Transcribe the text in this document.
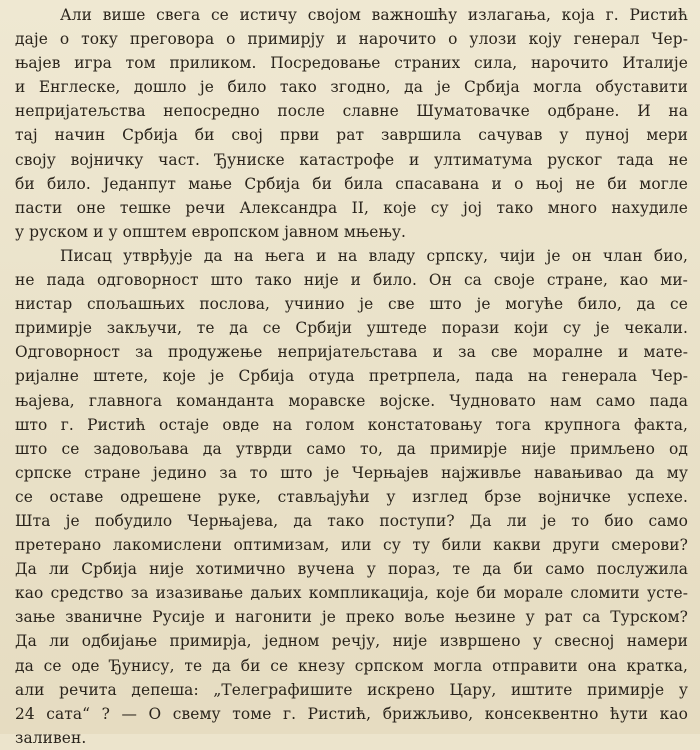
Али више свега се истичу својом важношћу излагања, која г. Ристић
даје о току преговора о примирју и нарочито о улози коју генерал Чер-
њајев игра том приликом. Посредовање страних сила, нарочито Италије
и Енглеске, дошло је било тако згодно, да је Србија могла обуставити
непријатељства непосредно после славне Шуматовачке одбране. И на
тај начин Србија би свој први рат завршила сачував у пуној мери
своју војничку част. Ђуниске катастрофе и ултиматума руског тада не
би било. Једанпут мање Србија би била спасавана и о њој не би могле
пасти оне тешке речи Александра II, које су јој тако много нахудиле
у руском и у општем европском јавном мњењу.
Писац утврђује да на њега и на владу српску, чији је он члан био,
не пада одговорност што тако није и било. Он са своје стране, као ми-
нистар спољашњих послова, учинио је све што је могуће било, да се
примирје закључи, те да се Србији уштеде порази који су је чекали.
Одговорност за продужење непријатељстава и за све моралне и мате-
ријалне штете, које је Србија отуда претрпела, пада на генерала Чер-
њајева, главнога команданта моравске војске. Чудновато нам само пада
што г. Ристић остаје овде на голом констатовању тога крупнога факта,
што се задовољава да утврди само то, да примирје није примљено од
српске стране једино за то што је Черњајев најживље навањивао да му
се оставе одрешене руке, стављајући у изглед брзе војничке успехе.
Шта је побудило Черњајева, да тако поступи? Да ли је то био само
претерано лакомислени оптимизам, или су ту били какви други смерови?
Да ли Србија није хотимично вучена у пораз, те да би само послужила
као средство за изазивање даљих компликација, које би морале сломити усте-
зање званичне Русије и нагонити је преко воље њезине у рат са Турском?
Да ли одбијање примирја, једном речју, није извршено у свесној намери
да се оде Ђунису, те да би се кнезу српском могла отправити она кратка,
али речита депеша: „Телеграфишите искрено Цару, иштите примирје у
24 сата“ ? — О свему томе г. Ристић, брижљиво, консеквентно ћути као
заливен.
